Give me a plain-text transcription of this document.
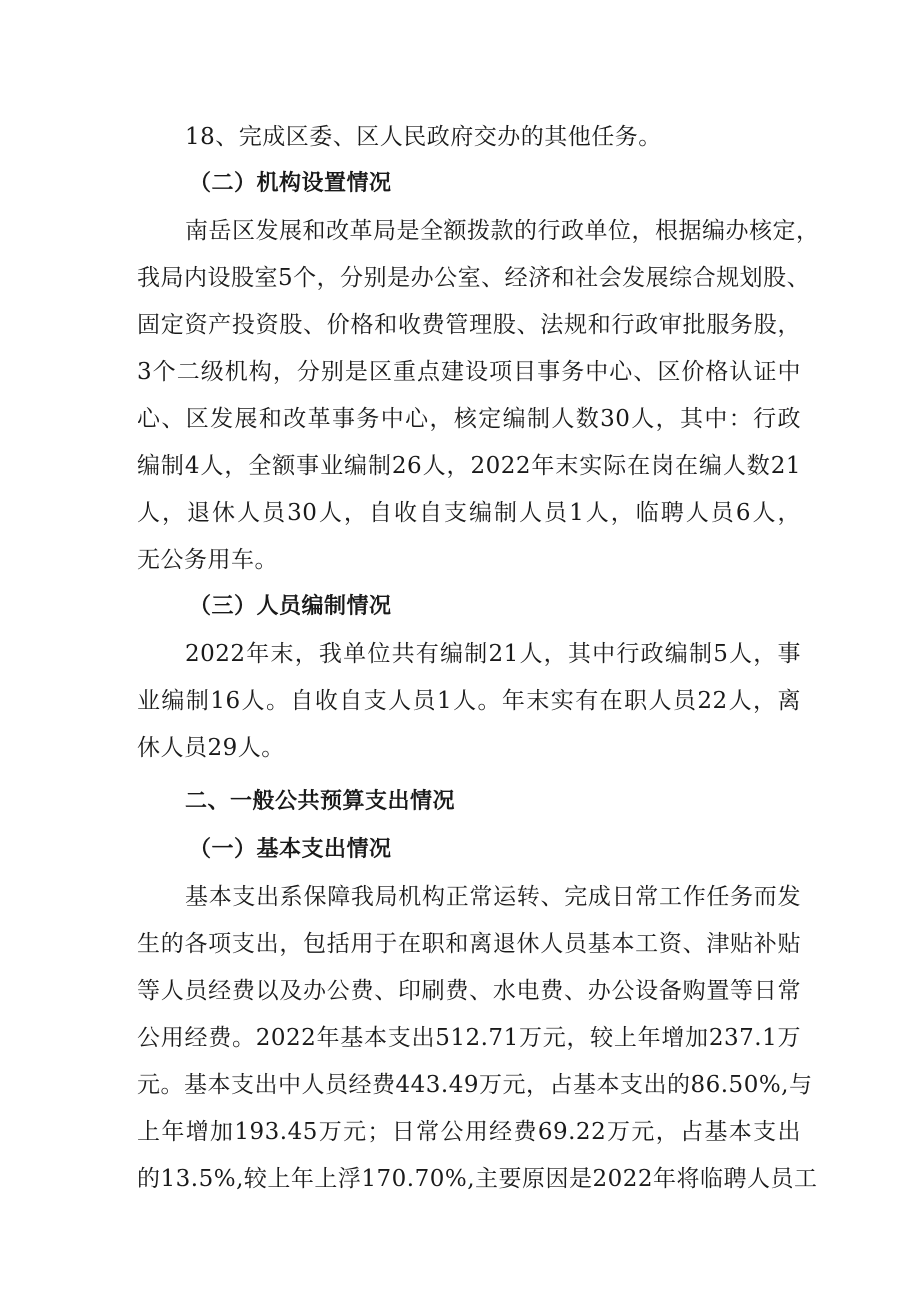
18、完成区委、区人民政府交办的其他任务。
（二）机构设置情况
南岳区发展和改革局是全额拨款的行政单位，根据编办核定，
我局内设股室5个，分别是办公室、经济和社会发展综合规划股、
固定资产投资股、价格和收费管理股、法规和行政审批服务股，
3个二级机构，分别是区重点建设项目事务中心、区价格认证中
心、区发展和改革事务中心，核定编制人数30人，其中：行政
编制4人，全额事业编制26人，2022年末实际在岗在编人数21
人，退休人员30人，自收自支编制人员1人，临聘人员6人，
无公务用车。
（三）人员编制情况
2022年末，我单位共有编制21人，其中行政编制5人，事
业编制16人。自收自支人员1人。年末实有在职人员22人，离
休人员29人。
二、一般公共预算支出情况
（一）基本支出情况
基本支出系保障我局机构正常运转、完成日常工作任务而发
生的各项支出，包括用于在职和离退休人员基本工资、津贴补贴
等人员经费以及办公费、印刷费、水电费、办公设备购置等日常
公用经费。2022年基本支出512.71万元，较上年增加237.1万
元。基本支出中人员经费443.49万元，占基本支出的86.50%,与
上年增加193.45万元；日常公用经费69.22万元，占基本支出
的13.5%,较上年上浮170.70%,主要原因是2022年将临聘人员工
